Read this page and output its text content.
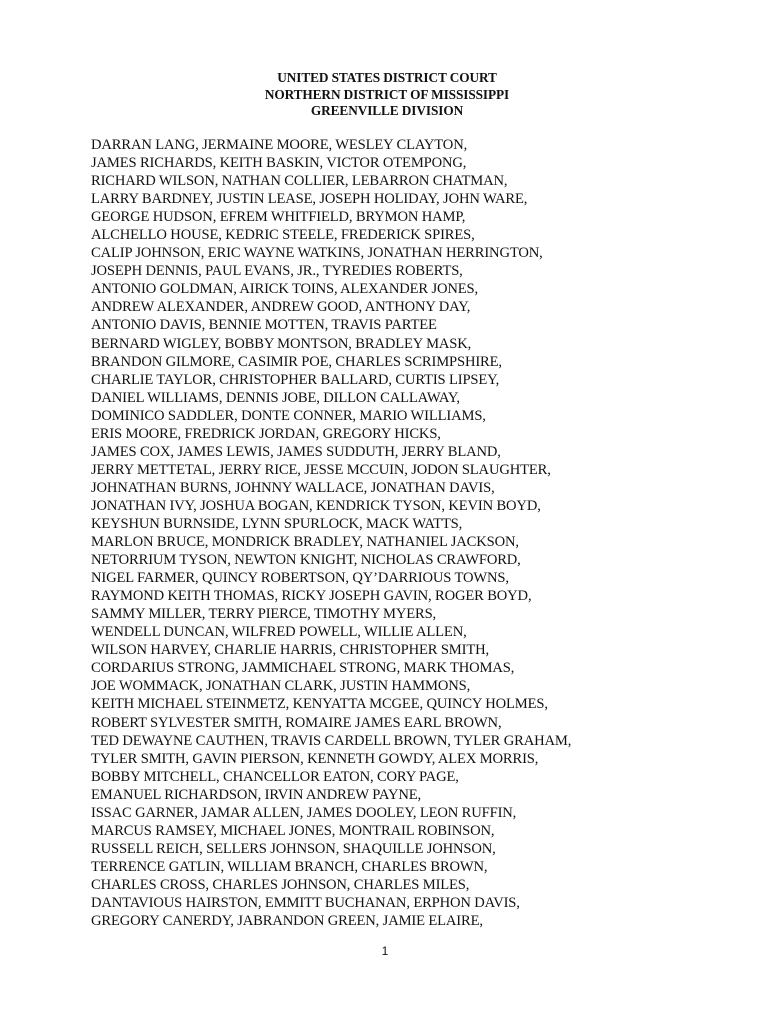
UNITED STATES DISTRICT COURT
NORTHERN DISTRICT OF MISSISSIPPI
GREENVILLE DIVISION
DARRAN LANG, JERMAINE MOORE, WESLEY CLAYTON,
JAMES RICHARDS, KEITH BASKIN, VICTOR OTEMPONG,
RICHARD WILSON, NATHAN COLLIER, LEBARRON CHATMAN,
LARRY BARDNEY, JUSTIN LEASE, JOSEPH HOLIDAY, JOHN WARE,
GEORGE HUDSON, EFREM WHITFIELD, BRYMON HAMP,
ALCHELLO HOUSE, KEDRIC STEELE, FREDERICK SPIRES,
CALIP JOHNSON, ERIC WAYNE WATKINS, JONATHAN HERRINGTON,
JOSEPH DENNIS, PAUL EVANS, JR., TYREDIES ROBERTS,
ANTONIO GOLDMAN, AIRICK TOINS, ALEXANDER JONES,
ANDREW ALEXANDER, ANDREW GOOD, ANTHONY DAY,
ANTONIO DAVIS, BENNIE MOTTEN, TRAVIS PARTEE
BERNARD WIGLEY, BOBBY MONTSON, BRADLEY MASK,
BRANDON GILMORE, CASIMIR POE, CHARLES SCRIMPSHIRE,
CHARLIE TAYLOR, CHRISTOPHER BALLARD, CURTIS LIPSEY,
DANIEL WILLIAMS, DENNIS JOBE, DILLON CALLAWAY,
DOMINICO SADDLER, DONTE CONNER, MARIO WILLIAMS,
ERIS MOORE, FREDRICK JORDAN, GREGORY HICKS,
JAMES COX, JAMES LEWIS, JAMES SUDDUTH, JERRY BLAND,
JERRY METTETAL, JERRY RICE, JESSE MCCUIN, JODON SLAUGHTER,
JOHNATHAN BURNS, JOHNNY WALLACE, JONATHAN DAVIS,
JONATHAN IVY, JOSHUA BOGAN, KENDRICK TYSON, KEVIN BOYD,
KEYSHUN BURNSIDE, LYNN SPURLOCK, MACK WATTS,
MARLON BRUCE, MONDRICK BRADLEY, NATHANIEL JACKSON,
NETORRIUM TYSON, NEWTON KNIGHT, NICHOLAS CRAWFORD,
NIGEL FARMER, QUINCY ROBERTSON, QY’DARRIOUS TOWNS,
RAYMOND KEITH THOMAS, RICKY JOSEPH GAVIN, ROGER BOYD,
SAMMY MILLER, TERRY PIERCE, TIMOTHY MYERS,
WENDELL DUNCAN, WILFRED POWELL, WILLIE ALLEN,
WILSON HARVEY, CHARLIE HARRIS, CHRISTOPHER SMITH,
CORDARIUS STRONG, JAMMICHAEL STRONG, MARK THOMAS,
JOE WOMMACK, JONATHAN CLARK, JUSTIN HAMMONS,
KEITH MICHAEL STEINMETZ, KENYATTA MCGEE, QUINCY HOLMES,
ROBERT SYLVESTER SMITH, ROMAIRE JAMES EARL BROWN,
TED DEWAYNE CAUTHEN, TRAVIS CARDELL BROWN, TYLER GRAHAM,
TYLER SMITH, GAVIN PIERSON, KENNETH GOWDY, ALEX MORRIS,
BOBBY MITCHELL, CHANCELLOR EATON, CORY PAGE,
EMANUEL RICHARDSON, IRVIN ANDREW PAYNE,
ISSAC GARNER, JAMAR ALLEN, JAMES DOOLEY, LEON RUFFIN,
MARCUS RAMSEY, MICHAEL JONES, MONTRAIL ROBINSON,
RUSSELL REICH, SELLERS JOHNSON, SHAQUILLE JOHNSON,
TERRENCE GATLIN, WILLIAM BRANCH, CHARLES BROWN,
CHARLES CROSS, CHARLES JOHNSON, CHARLES MILES,
DANTAVIOUS HAIRSTON, EMMITT BUCHANAN, ERPHON DAVIS,
GREGORY CANERDY, JABRANDON GREEN, JAMIE ELAIRE,
1
